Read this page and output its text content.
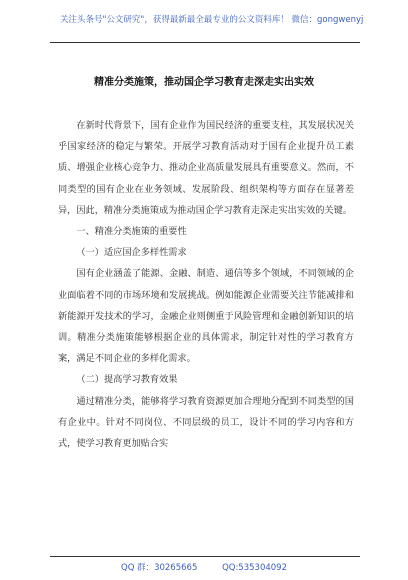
关注头条号"公文研究"，获得最新最全最专业的公文资料库！ 微信：gongwenyj
精准分类施策，推动国企学习教育走深走实出实效

在新时代背景下，国有企业作为国民经济的重要支柱，其发展状况关乎国家经济的稳定与繁荣。开展学习教育活动对于国有企业提升员工素质、增强企业核心竞争力、推动企业高质量发展具有重要意义。然而，不同类型的国有企业在业务领域、发展阶段、组织架构等方面存在显著差异，因此，精准分类施策成为推动国企学习教育走深走实出实效的关键。

一、精准分类施策的重要性

（一）适应国企多样性需求

国有企业涵盖了能源、金融、制造、通信等多个领域，不同领域的企业面临着不同的市场环境和发展挑战。例如能源企业需要关注节能减排和新能源开发技术的学习，金融企业则侧重于风险管理和金融创新知识的培训。精准分类施策能够根据企业的具体需求，制定针对性的学习教育方案，满足不同企业的多样化需求。

（二）提高学习教育效果

通过精准分类，能够将学习教育资源更加合理地分配到不同类型的国有企业中。针对不同岗位、不同层级的员工，设计不同的学习内容和方式，使学习教育更加贴合实

QQ 群：30265665	QQ:535304092
